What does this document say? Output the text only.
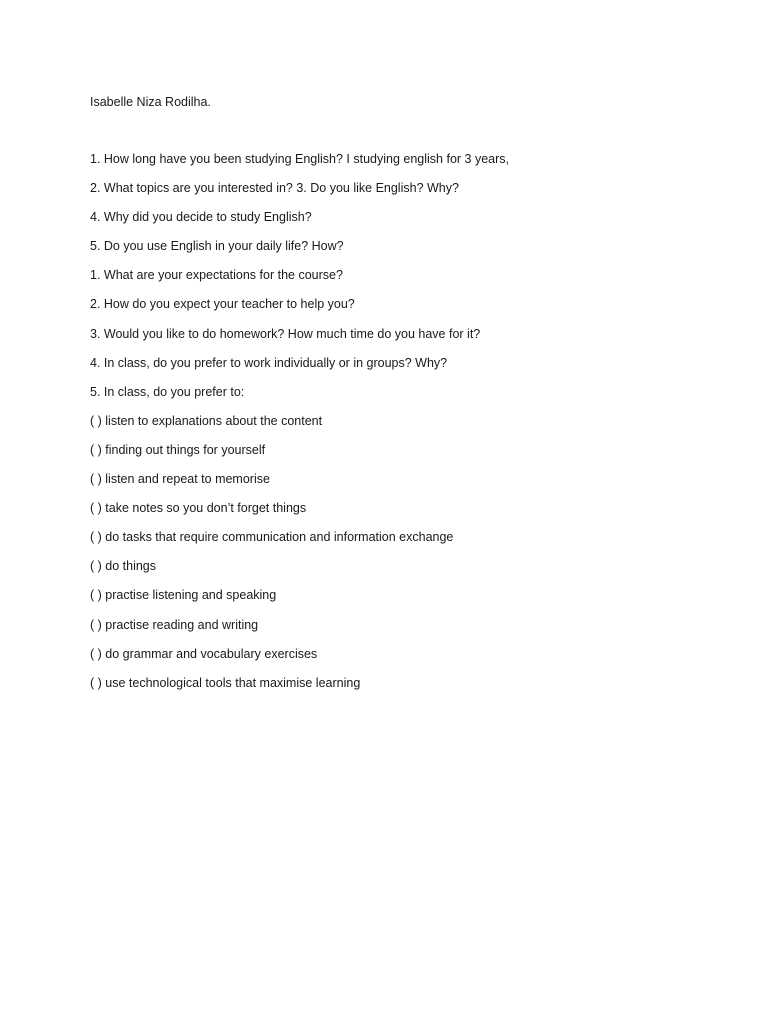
Isabelle Niza Rodilha.
1. How long have you been studying English? I studying english for 3 years,
2. What topics are you interested in? 3. Do you like English? Why?
4. Why did you decide to study English?
5. Do you use English in your daily life? How?
1. What are your expectations for the course?
2. How do you expect your teacher to help you?
3. Would you like to do homework? How much time do you have for it?
4. In class, do you prefer to work individually or in groups? Why?
5. In class, do you prefer to:
( ) listen to explanations about the content
( ) finding out things for yourself
( ) listen and repeat to memorise
( ) take notes so you don’t forget things
( ) do tasks that require communication and information exchange
( ) do things
( ) practise listening and speaking
( ) practise reading and writing
( ) do grammar and vocabulary exercises
( ) use technological tools that maximise learning
